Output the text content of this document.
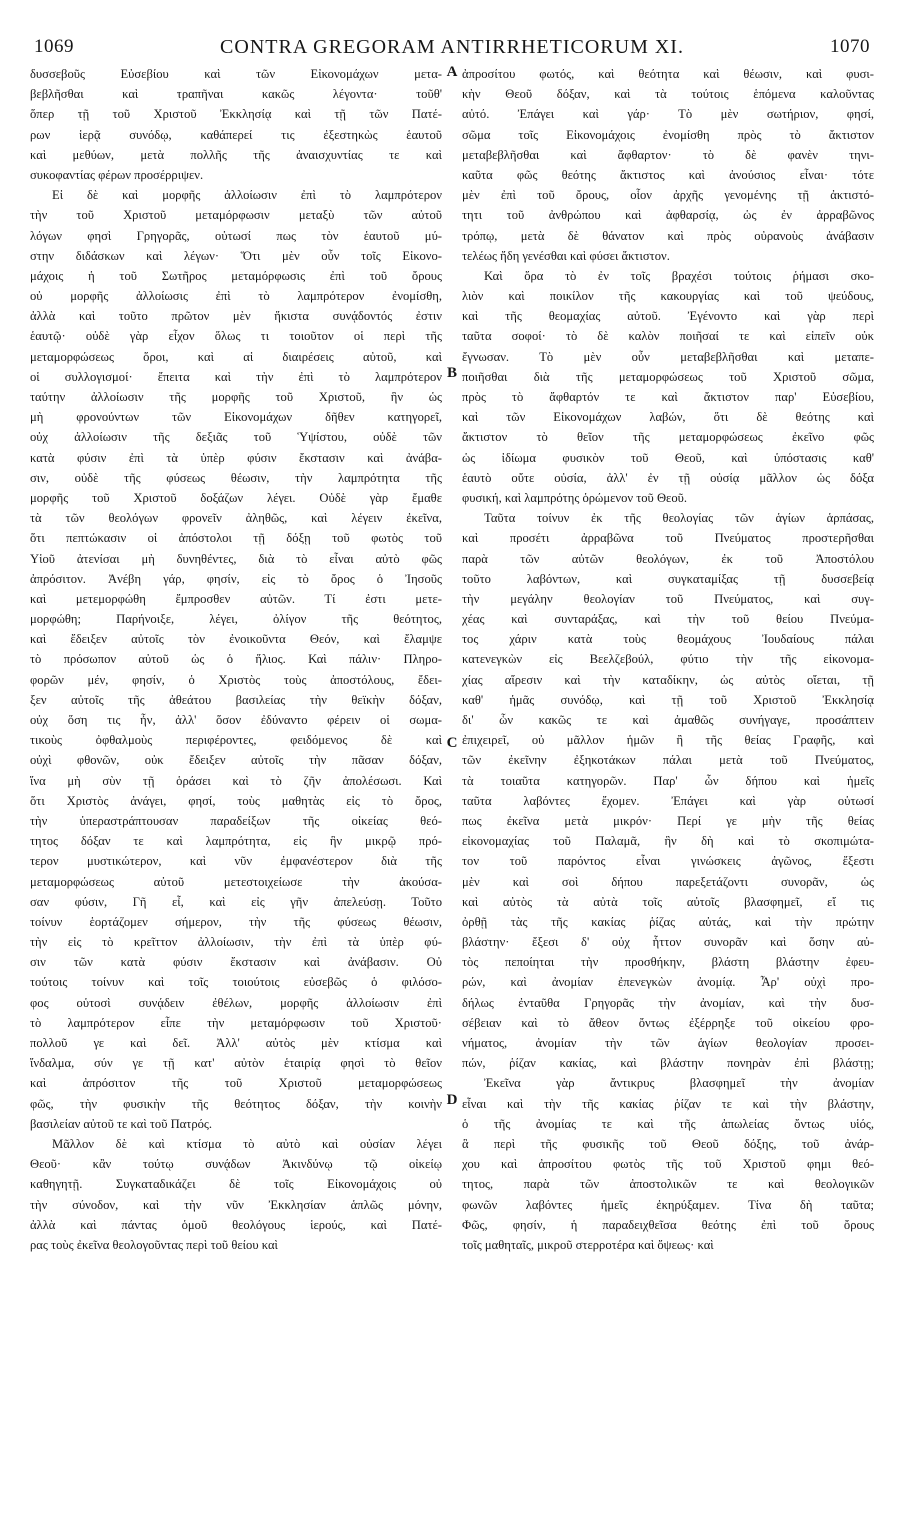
1069	CONTRA GREGORAM ANTIRRHETICORUM XI.	1070
δυσσεβοῦς Εὐσεβίου καὶ τῶν Εἰκονομάχων μετα-
βεβλῆσθαι καὶ τραπῆναι κακῶς λέγοντα· τοῦθ'
ὅπερ τῇ τοῦ Χριστοῦ Ἐκκλησίᾳ καὶ τῇ τῶν Πατέ-
ρων ἱερᾷ συνόδῳ, καθάπερεί τις ἐξεστηκὼς ἑαυτοῦ
καὶ μεθύων, μετὰ πολλῆς τῆς ἀναισχυντίας τε καὶ
συκοφαντίας φέρων προσέρριψεν.
Εἰ δὲ καὶ μορφῆς ἀλλοίωσιν ἐπὶ τὸ λαμπρότερον
τὴν τοῦ Χριστοῦ μεταμόρφωσιν μεταξὺ τῶν αὐτοῦ
λόγων φησὶ Γρηγορᾶς, οὑτωσί πως τὸν ἑαυτοῦ μύ-
στην διδάσκων καὶ λέγων· Ὅτι μὲν οὖν τοῖς Εἰκονο-
μάχοις ἡ τοῦ Σωτῆρος μεταμόρφωσις ἐπὶ τοῦ ὄρους
οὐ μορφῆς ἀλλοίωσις ἐπὶ τὸ λαμπρότερον ἐνομίσθη,
ἀλλὰ καὶ τοῦτο πρῶτον μὲν ἥκιστα συνᾴδοντός ἐστιν
ἑαυτῷ· οὐδὲ γὰρ εἶχον ὅλως τι τοιοῦτον οἱ περὶ τῆς
μεταμορφώσεως ὅροι, καὶ αἱ διαιρέσεις αὐτοῦ, καὶ
οἱ συλλογισμοί· ἔπειτα καὶ τὴν ἐπὶ τὸ λαμπρότερον
ταύτην ἀλλοίωσιν τῆς μορφῆς τοῦ Χριστοῦ, ἣν ὡς
μὴ φρονούντων τῶν Εἰκονομάχων δῆθεν κατηγορεῖ,
οὐχ ἀλλοίωσιν τῆς δεξιᾶς τοῦ Ὑψίστου, οὐδὲ τῶν
κατὰ φύσιν ἐπὶ τὰ ὑπὲρ φύσιν ἔκστασιν καὶ ἀνάβα-
σιν, οὐδὲ τῆς φύσεως θέωσιν, τὴν λαμπρότητα τῆς
μορφῆς τοῦ Χριστοῦ δοξάζων λέγει. Οὐδὲ γὰρ ἔμαθε
τὰ τῶν θεολόγων φρονεῖν ἀληθῶς, καὶ λέγειν ἐκεῖνα,
ὅτι πεπτώκασιν οἱ ἀπόστολοι τῇ δόξῃ τοῦ φωτὸς τοῦ
Υἱοῦ ἀτενίσαι μὴ δυνηθέντες, διὰ τὸ εἶναι αὐτὸ φῶς
ἀπρόσιτον. Ἀνέβη γάρ, φησίν, εἰς τὸ ὄρος ὁ Ἰησοῦς
καὶ μετεμορφώθη ἔμπροσθεν αὐτῶν. Τί ἐστι μετε-
μορφώθη; Παρήνοιξε, λέγει, ὀλίγον τῆς θεότητος,
καὶ ἔδειξεν αὐτοῖς τὸν ἐνοικοῦντα Θεόν, καὶ ἔλαμψε
τὸ πρόσωπον αὐτοῦ ὡς ὁ ἥλιος. Καὶ πάλιν· Πληρο-
φορῶν μέν, φησίν, ὁ Χριστὸς τοὺς ἀποστόλους, ἔδει-
ξεν αὐτοῖς τῆς ἀθεάτου βασιλείας τὴν θεϊκὴν δόξαν,
οὐχ ὅση τις ἦν, ἀλλ' ὅσον ἐδύναντο φέρειν οἱ σωμα-
τικοὺς ὀφθαλμοὺς περιφέροντες, φειδόμενος δὲ καὶ
οὐχὶ φθονῶν, οὐκ ἔδειξεν αὐτοῖς τὴν πᾶσαν δόξαν,
ἵνα μὴ σὺν τῇ ὁράσει καὶ τὸ ζῆν ἀπολέσωσι. Καὶ
ὅτι Χριστὸς ἀνάγει, φησί, τοὺς μαθητὰς εἰς τὸ ὄρος,
τὴν ὑπεραστράπτουσαν παραδείξων τῆς οἰκείας θεό-
τητος δόξαν τε καὶ λαμπρότητα, εἰς ἣν μικρῷ πρό-
τερον μυστικώτερον, καὶ νῦν ἐμφανέστερον διὰ τῆς
μεταμορφώσεως αὐτοῦ μετεστοιχείωσε τὴν ἀκούσα-
σαν φύσιν, Γῆ εἶ, καὶ εἰς γῆν ἀπελεύσῃ. Τοῦτο
τοίνυν ἑορτάζομεν σήμερον, τὴν τῆς φύσεως θέωσιν,
τὴν εἰς τὸ κρεῖττον ἀλλοίωσιν, τὴν ἐπὶ τὰ ὑπὲρ φύ-
σιν τῶν κατὰ φύσιν ἔκστασιν καὶ ἀνάβασιν. Οὐ
τούτοις τοίνυν καὶ τοῖς τοιούτοις εὐσεβῶς ὁ φιλόσο-
φος οὑτοσὶ συνᾴδειν ἐθέλων, μορφῆς ἀλλοίωσιν ἐπὶ
τὸ λαμπρότερον εἶπε τὴν μεταμόρφωσιν τοῦ Χριστοῦ·
πολλοῦ γε καὶ δεῖ. Ἀλλ' αὐτὸς μὲν κτίσμα καὶ
ἴνδαλμα, σύν γε τῇ κατ' αὐτὸν ἑταιρίᾳ φησὶ τὸ θεῖον
καὶ ἀπρόσιτον τῆς τοῦ Χριστοῦ μεταμορφώσεως
φῶς, τὴν φυσικὴν τῆς θεότητος δόξαν, τὴν κοινὴν
βασιλείαν αὐτοῦ τε καὶ τοῦ Πατρός.
Μᾶλλον δὲ καὶ κτίσμα τὸ αὐτὸ καὶ οὐσίαν λέγει
Θεοῦ· κἂν τούτῳ συνᾴδων Ἀκινδύνῳ τῷ οἰκείῳ
καθηγητῇ. Συγκαταδικάζει δὲ τοῖς Εἰκονομάχοις οὐ
τὴν σύνοδον, καὶ τὴν νῦν Ἐκκλησίαν ἁπλῶς μόνην,
ἀλλὰ καὶ πάντας ὁμοῦ θεολόγους ἱερούς, καὶ Πατέ-
ρας τοὺς ἐκεῖνα θεολογοῦντας περὶ τοῦ θείου καὶ
ἀπροσίτου φωτός, καὶ θεότητα καὶ θέωσιν, καὶ φυσι-
κὴν Θεοῦ δόξαν, καὶ τὰ τούτοις ἑπόμενα καλοῦντας
αὐτό. Ἐπάγει καὶ γάρ· Τὸ μὲν σωτήριον, φησί,
σῶμα τοῖς Εἰκονομάχοις ἐνομίσθη πρὸς τὸ ἄκτιστον
μεταβεβλῆσθαι καὶ ἄφθαρτον· τὸ δὲ φανὲν τηνι-
καῦτα φῶς θεότης ἄκτιστος καὶ ἀνούσιος εἶναι· τότε
μὲν ἐπὶ τοῦ ὄρους, οἷον ἀρχῆς γενομένης τῇ ἀκτιστό-
τητι τοῦ ἀνθρώπου καὶ ἀφθαρσίᾳ, ὡς ἐν ἀρραβῶνος
τρόπῳ, μετὰ δὲ θάνατον καὶ πρὸς οὐρανοὺς ἀνάβασιν
τελέως ἤδη γενέσθαι καὶ φύσει ἄκτιστον.
Καὶ ὅρα τὸ ἐν τοῖς βραχέσι τούτοις ῥήμασι σκο-
λιὸν καὶ ποικίλον τῆς κακουργίας καὶ τοῦ ψεύδους,
καὶ τῆς θεομαχίας αὐτοῦ. Ἐγένοντο καὶ γὰρ περὶ
ταῦτα σοφοί· τὸ δὲ καλὸν ποιῆσαί τε καὶ εἰπεῖν οὐκ
ἔγνωσαν. Τὸ μὲν οὖν μεταβεβλῆσθαι καὶ μεταπε-
ποιῆσθαι διὰ τῆς μεταμορφώσεως τοῦ Χριστοῦ σῶμα,
πρὸς τὸ ἄφθαρτόν τε καὶ ἄκτιστον παρ' Εὐσεβίου,
καὶ τῶν Εἰκονομάχων λαβών, ὅτι δὲ θεότης καὶ
ἄκτιστον τὸ θεῖον τῆς μεταμορφώσεως ἐκεῖνο φῶς
ὡς ἰδίωμα φυσικὸν τοῦ Θεοῦ, καὶ ὑπόστασις καθ'
ἑαυτὸ οὔτε οὐσία, ἀλλ' ἐν τῇ οὐσίᾳ μᾶλλον ὡς δόξα
φυσική, καὶ λαμπρότης ὁρώμενον τοῦ Θεοῦ.
Ταῦτα τοίνυν ἐκ τῆς θεολογίας τῶν ἁγίων ἁρπάσας,
καὶ προσέτι ἀρραβῶνα τοῦ Πνεύματος προστερῆσθαι
παρὰ τῶν αὐτῶν θεολόγων, ἐκ τοῦ Ἀποστόλου
τοῦτο λαβόντων, καὶ συγκαταμίξας τῇ δυσσεβείᾳ
τὴν μεγάλην θεολογίαν τοῦ Πνεύματος, καὶ συγ-
χέας καὶ συνταράξας, καὶ τὴν τοῦ θείου Πνεύμα-
τος χάριν κατὰ τοὺς θεομάχους Ἰουδαίους πάλαι
κατενεγκὼν εἰς Βεελζεβούλ, φύτιο τὴν τῆς εἰκονομα-
χίας αἵρεσιν καὶ τὴν καταδίκην, ὡς αὐτὸς οἴεται, τῇ
καθ' ἡμᾶς συνόδῳ, καὶ τῇ τοῦ Χριστοῦ Ἐκκλησίᾳ
δι' ὧν κακῶς τε καὶ ἀμαθῶς συνήγαγε, προσάπτειν
ἐπιχειρεῖ, οὐ μᾶλλον ἡμῶν ἢ τῆς θείας Γραφῆς, καὶ
τῶν ἐκεῖνην ἐξηκοτάκων πάλαι μετὰ τοῦ Πνεύματος,
τὰ τοιαῦτα κατηγορῶν. Παρ' ὧν δήπου καὶ ἡμεῖς
ταῦτα λαβόντες ἔχομεν. Ἐπάγει καὶ γὰρ οὑτωσί
πως ἐκεῖνα μετὰ μικρόν· Περί γε μὴν τῆς θείας
εἰκονομαχίας τοῦ Παλαμᾶ, ἣν δὴ καὶ τὸ σκοπιμώτα-
τον τοῦ παρόντος εἶναι γινώσκεις ἀγῶνος, ἔξεστι
μὲν καὶ σοὶ δήπου παρεξετάζοντι συνορᾶν, ὡς
καὶ αὐτὸς τὰ αὐτὰ τοῖς αὐτοῖς βλασφημεῖ, εἴ τις
ὀρθῇ τὰς τῆς κακίας ῥίζας αὐτάς, καὶ τὴν πρώτην
βλάστην· ἔξεσι δ' οὐχ ἧττον συνορᾶν καὶ ὅσην αὐ-
τὸς πεποίηται τὴν προσθήκην, βλάστη βλάστην ἐφευ-
ρών, καὶ ἀνομίαν ἐπενεγκὼν ἀνομίᾳ. Ἆρ' οὐχὶ προ-
δήλως ἐνταῦθα Γρηγορᾶς τὴν ἀνομίαν, καὶ τὴν δυσ-
σέβειαν καὶ τὸ ἄθεον ὄντως ἐξέρρηξε τοῦ οἰκείου φρο-
νήματος, ἀνομίαν τὴν τῶν ἁγίων θεολογίαν προσει-
πών, ῥίζαν κακίας, καὶ βλάστην πονηρὰν ἐπὶ βλάστῃ;
Ἐκεῖνα γὰρ ἄντικρυς βλασφημεῖ τὴν ἀνομίαν
εἶναι καὶ τὴν τῆς κακίας ῥίζαν τε καὶ τὴν βλάστην,
ὁ τῆς ἀνομίας τε καὶ τῆς ἀπωλείας ὄντως υἱός,
ἃ περὶ τῆς φυσικῆς τοῦ Θεοῦ δόξης, τοῦ ἀνάρ-
χου καὶ ἀπροσίτου φωτὸς τῆς τοῦ Χριστοῦ φημι θεό-
τητος, παρὰ τῶν ἀποστολικῶν τε καὶ θεολογικῶν
φωνῶν λαβόντες ἡμεῖς ἐκηρύξαμεν. Τίνα δὴ ταῦτα;
Φῶς, φησίν, ἡ παραδειχθεῖσα θεότης ἐπὶ τοῦ ὄρους
τοῖς μαθηταῖς, μικροῦ στερροτέρα καὶ ὄψεως· καὶ
A
B
C
D
